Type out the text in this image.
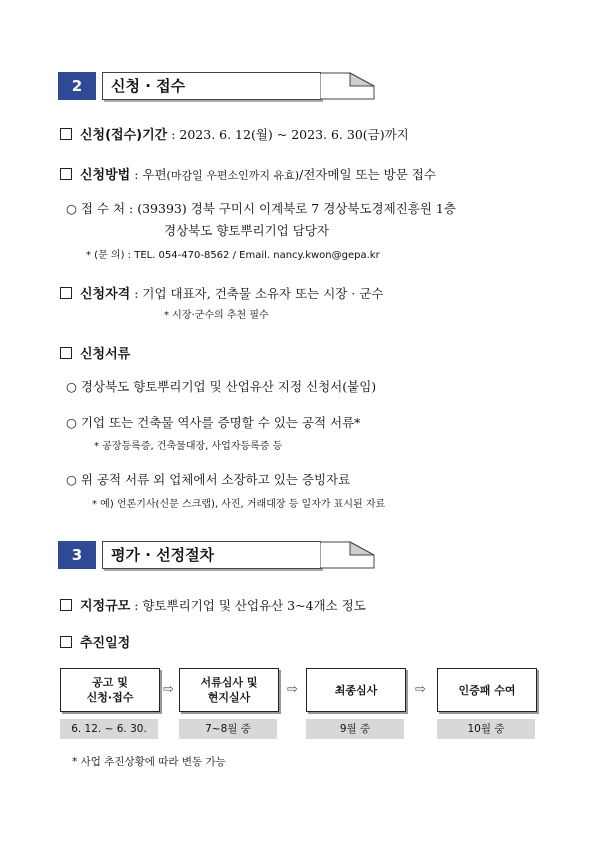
2	신청 · 접수
신청(접수)기간 : 2023. 6. 12(월) ~ 2023. 6. 30(금)까지
신청방법 : 우편(마감일 우편소인까지 유효)/전자메일 또는 방문 접수
○ 접 수 처 : (39393) 경북 구미시 이계북로 7 경상북도경제진흥원 1층
경상북도 향토뿌리기업 담당자
* (문 의) : TEL. 054-470-8562 / Email. nancy.kwon@gepa.kr
신청자격 : 기업 대표자, 건축물 소유자 또는 시장 · 군수
* 시장·군수의 추천 필수
신청서류
○ 경상북도 향토뿌리기업 및 산업유산 지정 신청서(붙임)
○ 기업 또는 건축물 역사를 증명할 수 있는 공적 서류*
* 공장등록증, 건축물대장, 사업자등록증 등
○ 위 공적 서류 외 업체에서 소장하고 있는 증빙자료
* 예) 언론기사(신문 스크랩), 사진, 거래대장 등 일자가 표시된 자료
3	평가 · 선정절차
지정규모 : 향토뿌리기업 및 산업유산 3~4개소 정도
추진일정
공고 및
신청·접수
⇨	서류심사 및
현지실사
⇨	최종심사	⇨	인증패 수여
6. 12. ~ 6. 30.	7~8월 중	9월 중	10월 중
* 사업 추진상황에 따라 변동 가능
